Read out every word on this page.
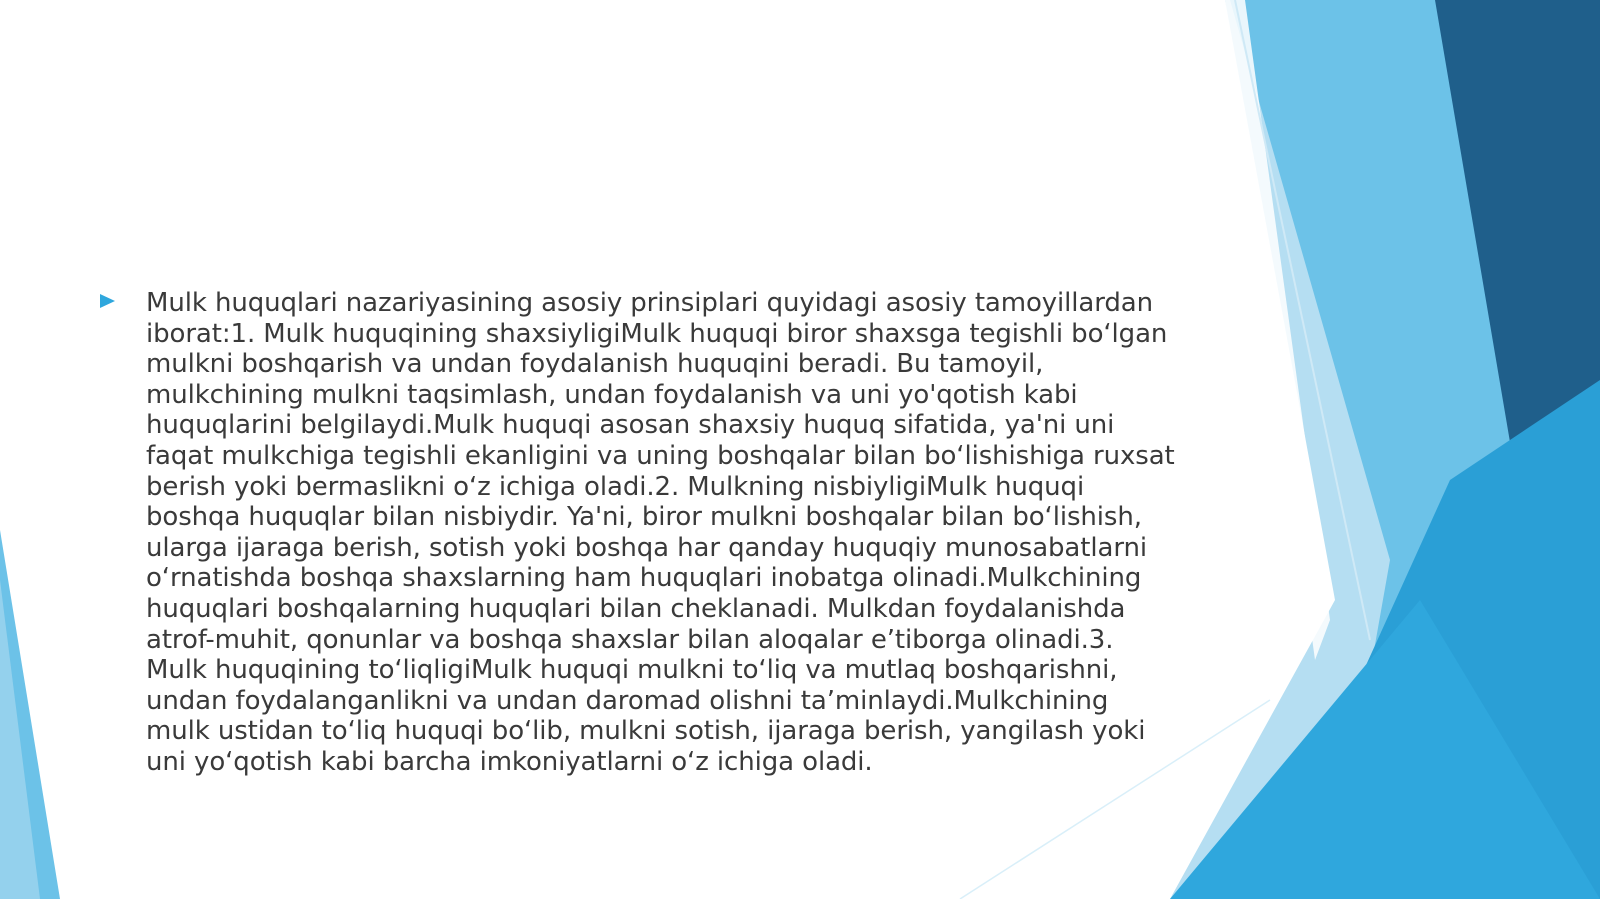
Mulk huquqlari nazariyasining asosiy prinsiplari quyidagi asosiy tamoyillardan
iborat:1. Mulk huquqining shaxsiyligiMulk huquqi biror shaxsga tegishli bo‘lgan
mulkni boshqarish va undan foydalanish huquqini beradi. Bu tamoyil,
mulkchining mulkni taqsimlash, undan foydalanish va uni yo'qotish kabi
huquqlarini belgilaydi.Mulk huquqi asosan shaxsiy huquq sifatida, ya'ni uni
faqat mulkchiga tegishli ekanligini va uning boshqalar bilan bo‘lishishiga ruxsat
berish yoki bermaslikni o‘z ichiga oladi.2. Mulkning nisbiyligiMulk huquqi
boshqa huquqlar bilan nisbiydir. Ya'ni, biror mulkni boshqalar bilan bo‘lishish,
ularga ijaraga berish, sotish yoki boshqa har qanday huquqiy munosabatlarni
o‘rnatishda boshqa shaxslarning ham huquqlari inobatga olinadi.Mulkchining
huquqlari boshqalarning huquqlari bilan cheklanadi. Mulkdan foydalanishda
atrof-muhit, qonunlar va boshqa shaxslar bilan aloqalar e’tiborga olinadi.3.
Mulk huquqining to‘liqligiMulk huquqi mulkni to‘liq va mutlaq boshqarishni,
undan foydalanganlikni va undan daromad olishni ta’minlaydi.Mulkchining
mulk ustidan to‘liq huquqi bo‘lib, mulkni sotish, ijaraga berish, yangilash yoki
uni yo‘qotish kabi barcha imkoniyatlarni o‘z ichiga oladi.
